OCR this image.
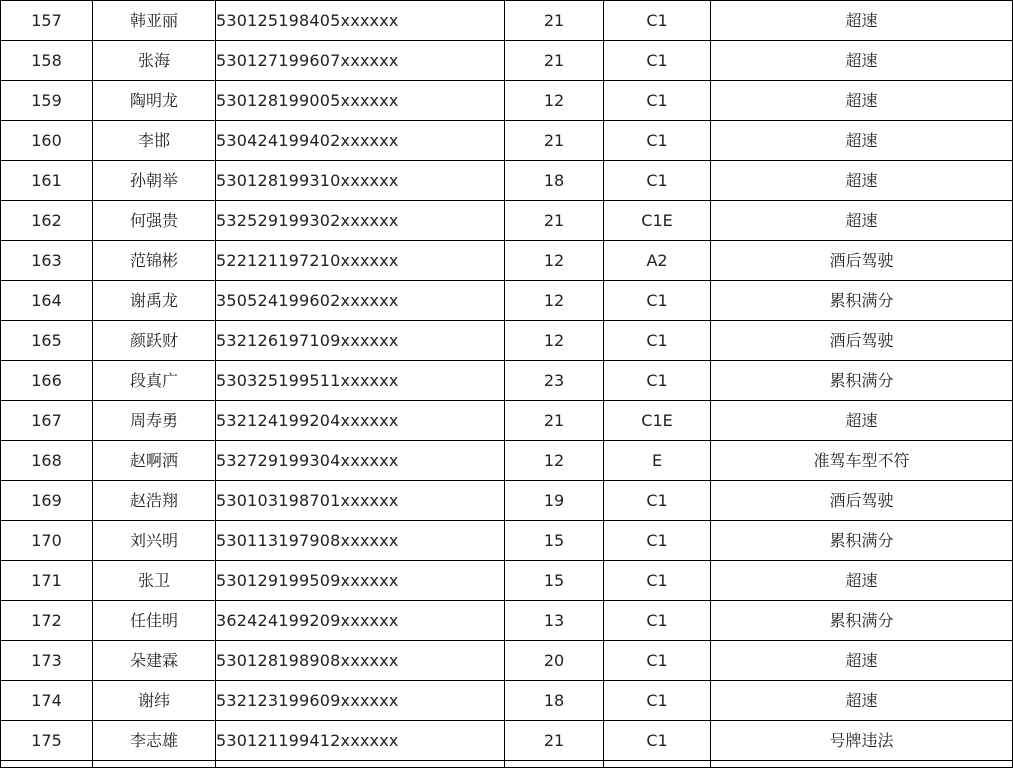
157	韩亚丽	530125198405xxxxxx	21	C1	超速
158	张海	530127199607xxxxxx	21	C1	超速
159	陶明龙	530128199005xxxxxx	12	C1	超速
160	李邯	530424199402xxxxxx	21	C1	超速
161	孙朝举	530128199310xxxxxx	18	C1	超速
162	何强贵	532529199302xxxxxx	21	C1E	超速
163	范锦彬	522121197210xxxxxx	12	A2	酒后驾驶
164	谢禹龙	350524199602xxxxxx	12	C1	累积满分
165	颜跃财	532126197109xxxxxx	12	C1	酒后驾驶
166	段真广	530325199511xxxxxx	23	C1	累积满分
167	周寿勇	532124199204xxxxxx	21	C1E	超速
168	赵啊洒	532729199304xxxxxx	12	E	准驾车型不符
169	赵浩翔	530103198701xxxxxx	19	C1	酒后驾驶
170	刘兴明	530113197908xxxxxx	15	C1	累积满分
171	张卫	530129199509xxxxxx	15	C1	超速
172	任佳明	362424199209xxxxxx	13	C1	累积满分
173	朵建霖	530128198908xxxxxx	20	C1	超速
174	谢纬	532123199609xxxxxx	18	C1	超速
175	李志雄	530121199412xxxxxx	21	C1	号牌违法
